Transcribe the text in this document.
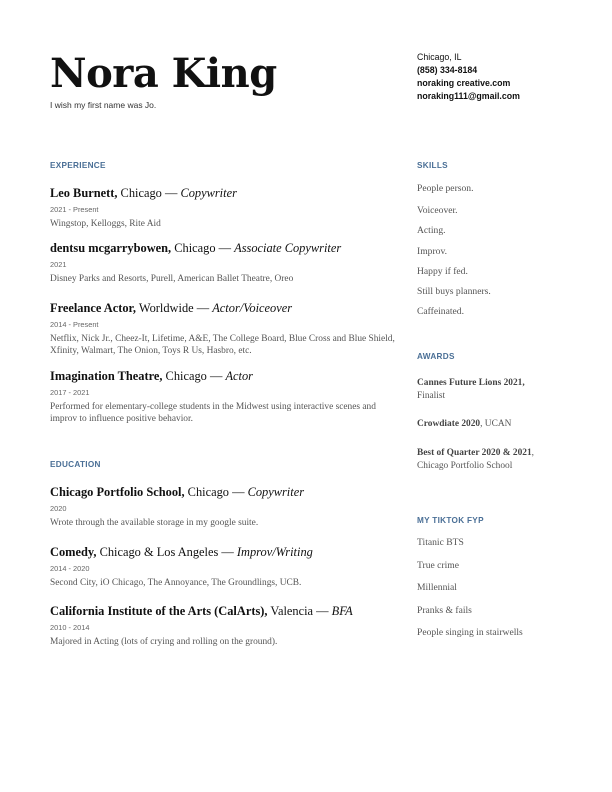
Nora King
I wish my first name was Jo.
Chicago, IL
(858) 334-8184
noraking creative.com
noraking111@gmail.com
EXPERIENCE
Leo Burnett, Chicago — Copywriter
2021 - Present
Wingstop, Kelloggs, Rite Aid
dentsu mcgarrybowen, Chicago — Associate Copywriter
2021
Disney Parks and Resorts, Purell, American Ballet Theatre, Oreo
Freelance Actor, Worldwide — Actor/Voiceover
2014 - Present
Netflix, Nick Jr., Cheez-It, Lifetime, A&E, The College Board, Blue Cross and Blue Shield, Xfinity, Walmart, The Onion, Toys R Us, Hasbro, etc.
Imagination Theatre, Chicago — Actor
2017 - 2021
Performed for elementary-college students in the Midwest using interactive scenes and improv to influence positive behavior.
EDUCATION
Chicago Portfolio School, Chicago — Copywriter
2020
Wrote through the available storage in my google suite.
Comedy, Chicago & Los Angeles — Improv/Writing
2014 - 2020
Second City, iO Chicago, The Annoyance, The Groundlings, UCB.
California Institute of the Arts (CalArts), Valencia — BFA
2010 - 2014
Majored in Acting (lots of crying and rolling on the ground).
SKILLS
People person.
Voiceover.
Acting.
Improv.
Happy if fed.
Still buys planners.
Caffeinated.
AWARDS
Cannes Future Lions 2021, Finalist
Crowdiate 2020, UCAN
Best of Quarter 2020 & 2021, Chicago Portfolio School
MY TIKTOK FYP
Titanic BTS
True crime
Millennial
Pranks & fails
People singing in stairwells
